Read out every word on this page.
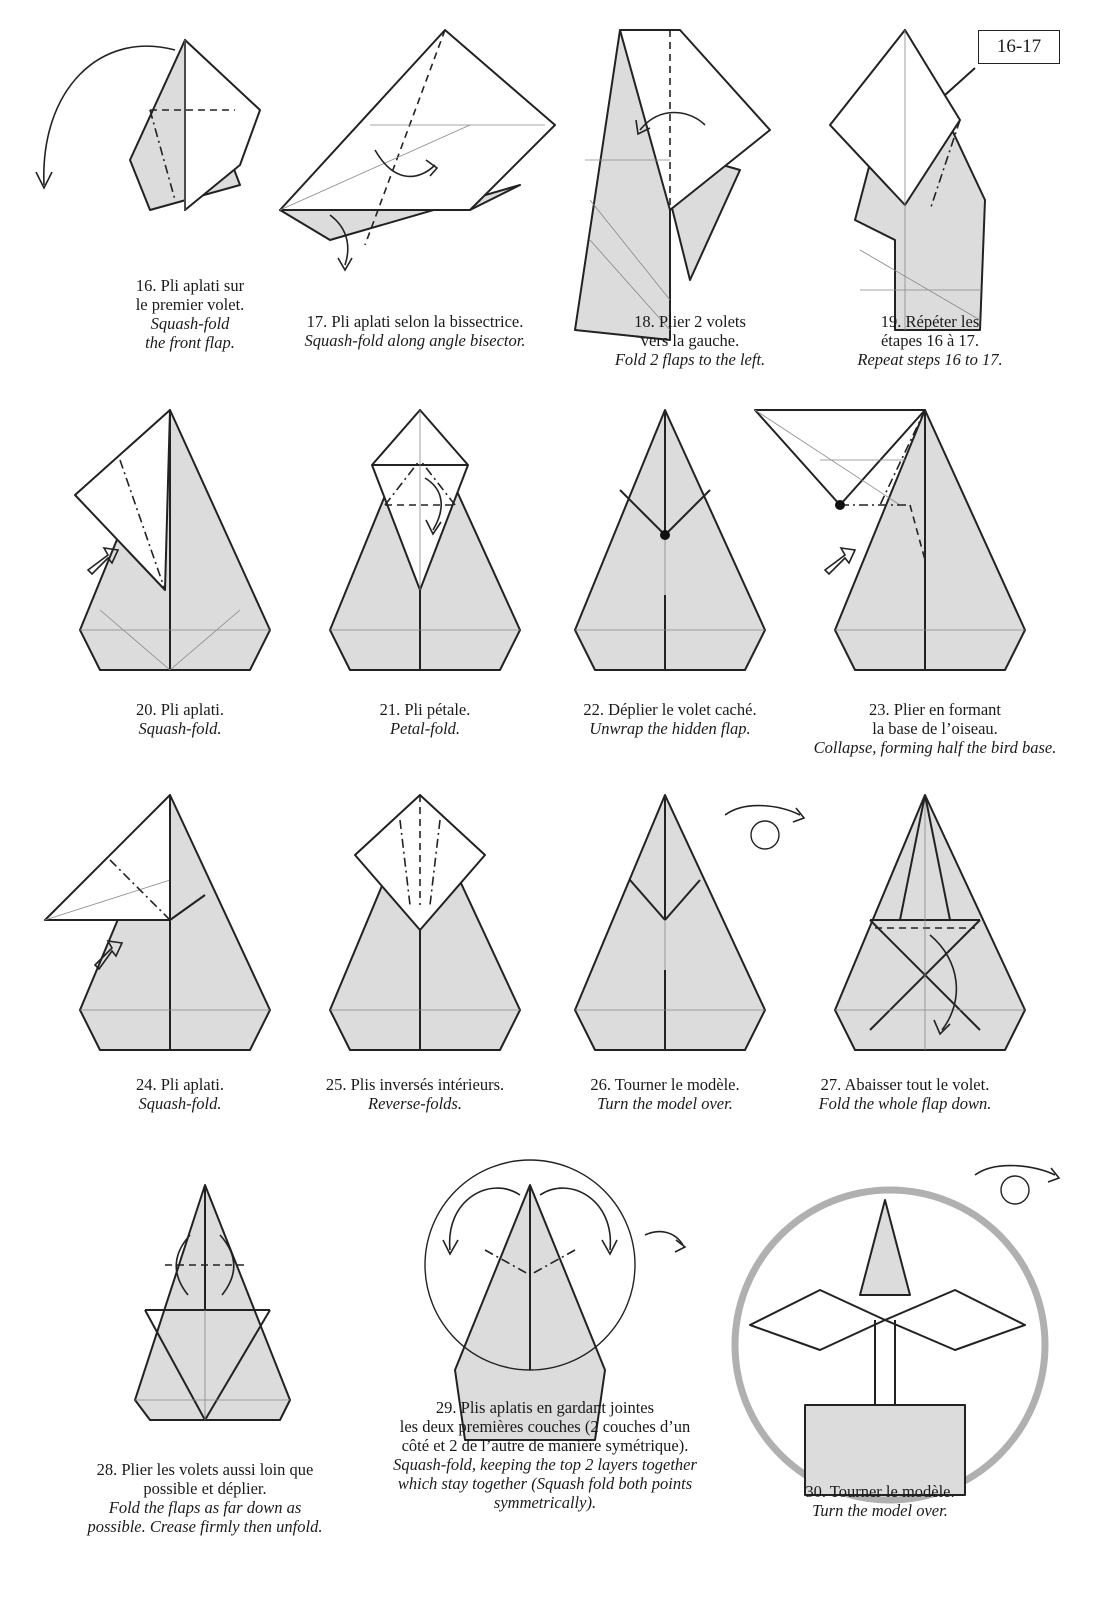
16-17
16. Pli aplati sur
le premier volet.
Squash-fold
the front flap.
17. Pli aplati selon la bissectrice.
Squash-fold along angle bisector.
18. Plier 2 volets
vers la gauche.
Fold 2 flaps to the left.
19. Répéter les
étapes 16 à 17.
Repeat steps 16 to 17.
20. Pli aplati.
Squash-fold.
21. Pli pétale.
Petal-fold.
22. Déplier le volet caché.
Unwrap the hidden flap.
23. Plier en formant
la base de l’oiseau.
Collapse, forming half the bird base.
24. Pli aplati.
Squash-fold.
25. Plis inversés intérieurs.
Reverse-folds.
26. Tourner le modèle.
Turn the model over.
27. Abaisser tout le volet.
Fold the whole flap down.
28. Plier les volets aussi loin que
possible et déplier.
Fold the flaps as far down as
possible. Crease firmly then unfold.
29. Plis aplatis en gardant jointes
les deux premières couches (2 couches d’un
côté et 2 de l’autre de manière symétrique).
Squash-fold, keeping the top 2 layers together
which stay together (Squash fold both points
symmetrically).
30. Tourner le modèle.
Turn the model over.
